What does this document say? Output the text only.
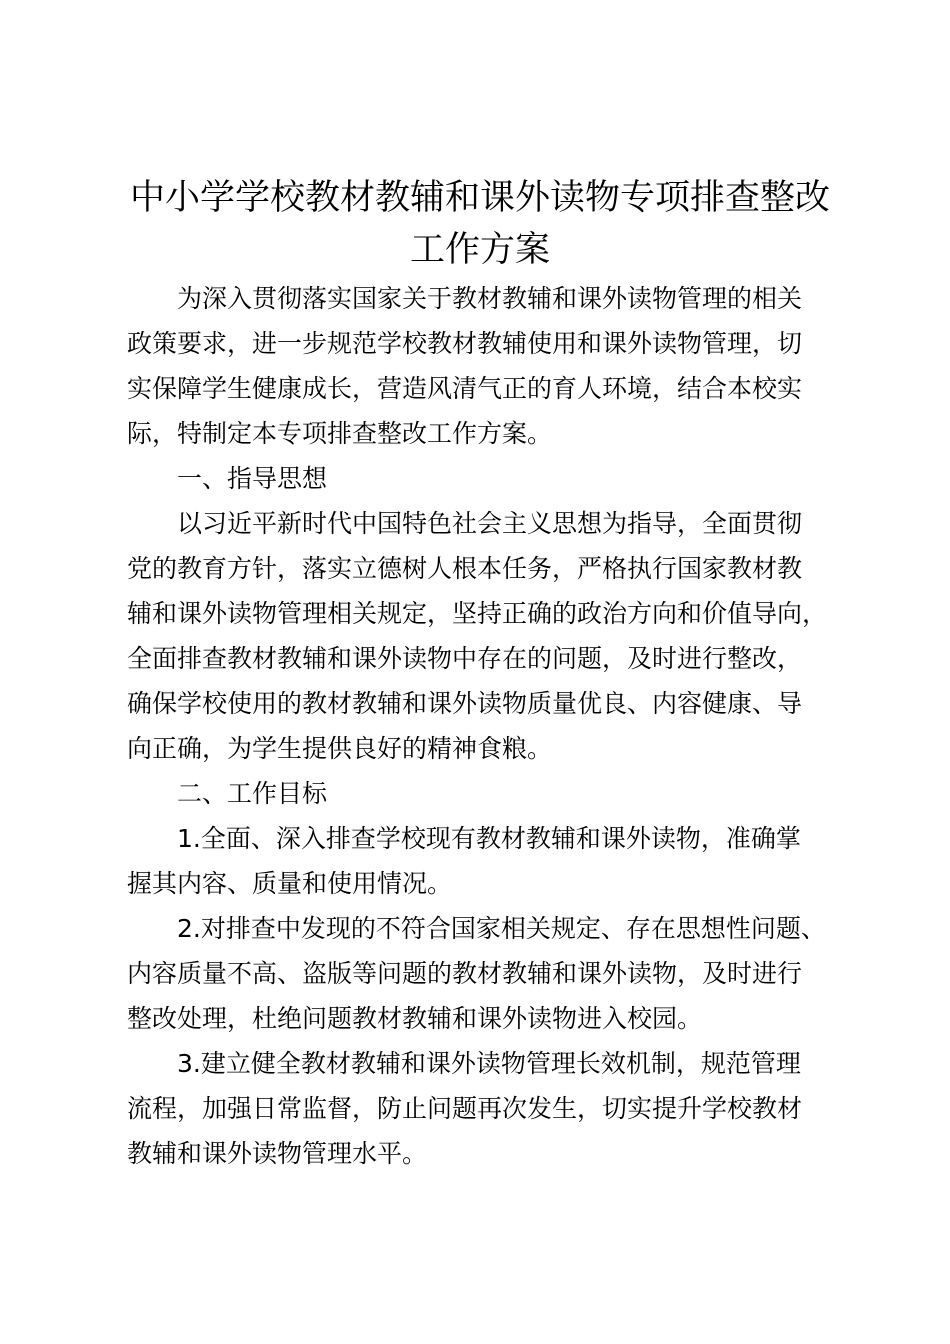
中小学学校教材教辅和课外读物专项排查整改
工作方案

为深入贯彻落实国家关于教材教辅和课外读物管理的相关
政策要求，进一步规范学校教材教辅使用和课外读物管理，切
实保障学生健康成长，营造风清气正的育人环境，结合本校实
际，特制定本专项排查整改工作方案。

一、指导思想

以习近平新时代中国特色社会主义思想为指导，全面贯彻
党的教育方针，落实立德树人根本任务，严格执行国家教材教
辅和课外读物管理相关规定，坚持正确的政治方向和价值导向，
全面排查教材教辅和课外读物中存在的问题，及时进行整改，
确保学校使用的教材教辅和课外读物质量优良、内容健康、导
向正确，为学生提供良好的精神食粮。

二、工作目标

1.全面、深入排查学校现有教材教辅和课外读物，准确掌
握其内容、质量和使用情况。

2.对排查中发现的不符合国家相关规定、存在思想性问题、
内容质量不高、盗版等问题的教材教辅和课外读物，及时进行
整改处理，杜绝问题教材教辅和课外读物进入校园。

3.建立健全教材教辅和课外读物管理长效机制，规范管理
流程，加强日常监督，防止问题再次发生，切实提升学校教材
教辅和课外读物管理水平。
